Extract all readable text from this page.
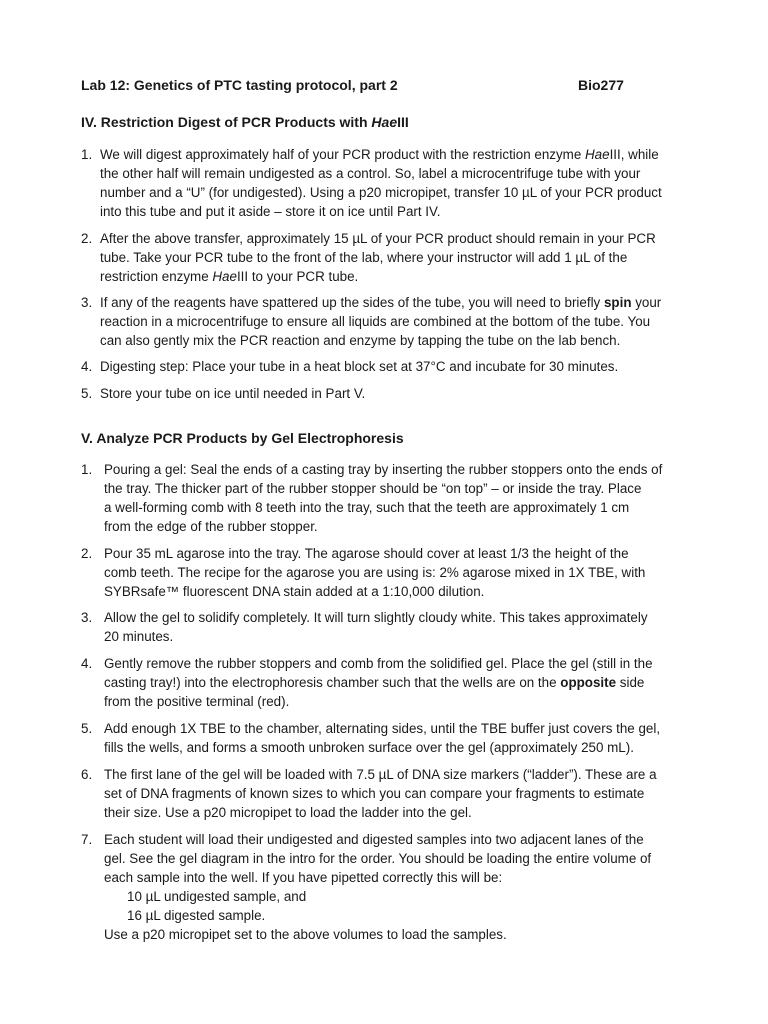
Lab 12: Genetics of PTC tasting protocol, part 2	Bio277
IV. Restriction Digest of PCR Products with HaeIII
1. We will digest approximately half of your PCR product with the restriction enzyme HaeIII, while
the other half will remain undigested as a control. So, label a microcentrifuge tube with your
number and a “U” (for undigested). Using a p20 micropipet, transfer 10 µL of your PCR product
into this tube and put it aside – store it on ice until Part IV.
2. After the above transfer, approximately 15 µL of your PCR product should remain in your PCR
tube. Take your PCR tube to the front of the lab, where your instructor will add 1 µL of the
restriction enzyme HaeIII to your PCR tube.
3. If any of the reagents have spattered up the sides of the tube, you will need to briefly spin your
reaction in a microcentrifuge to ensure all liquids are combined at the bottom of the tube. You
can also gently mix the PCR reaction and enzyme by tapping the tube on the lab bench.
4. Digesting step: Place your tube in a heat block set at 37°C and incubate for 30 minutes.
5. Store your tube on ice until needed in Part V.
V. Analyze PCR Products by Gel Electrophoresis
1. Pouring a gel: Seal the ends of a casting tray by inserting the rubber stoppers onto the ends of
the tray. The thicker part of the rubber stopper should be “on top” – or inside the tray. Place
a well-forming comb with 8 teeth into the tray, such that the teeth are approximately 1 cm
from the edge of the rubber stopper.
2. Pour 35 mL agarose into the tray. The agarose should cover at least 1/3 the height of the
comb teeth. The recipe for the agarose you are using is: 2% agarose mixed in 1X TBE, with
SYBRsafe™ fluorescent DNA stain added at a 1:10,000 dilution.
3. Allow the gel to solidify completely. It will turn slightly cloudy white. This takes approximately
20 minutes.
4. Gently remove the rubber stoppers and comb from the solidified gel. Place the gel (still in the
casting tray!) into the electrophoresis chamber such that the wells are on the opposite side
from the positive terminal (red).
5. Add enough 1X TBE to the chamber, alternating sides, until the TBE buffer just covers the gel,
fills the wells, and forms a smooth unbroken surface over the gel (approximately 250 mL).
6. The first lane of the gel will be loaded with 7.5 µL of DNA size markers (“ladder”). These are a
set of DNA fragments of known sizes to which you can compare your fragments to estimate
their size. Use a p20 micropipet to load the ladder into the gel.
7. Each student will load their undigested and digested samples into two adjacent lanes of the
gel. See the gel diagram in the intro for the order. You should be loading the entire volume of
each sample into the well. If you have pipetted correctly this will be:
10 µL undigested sample, and
16 µL digested sample.
Use a p20 micropipet set to the above volumes to load the samples.
